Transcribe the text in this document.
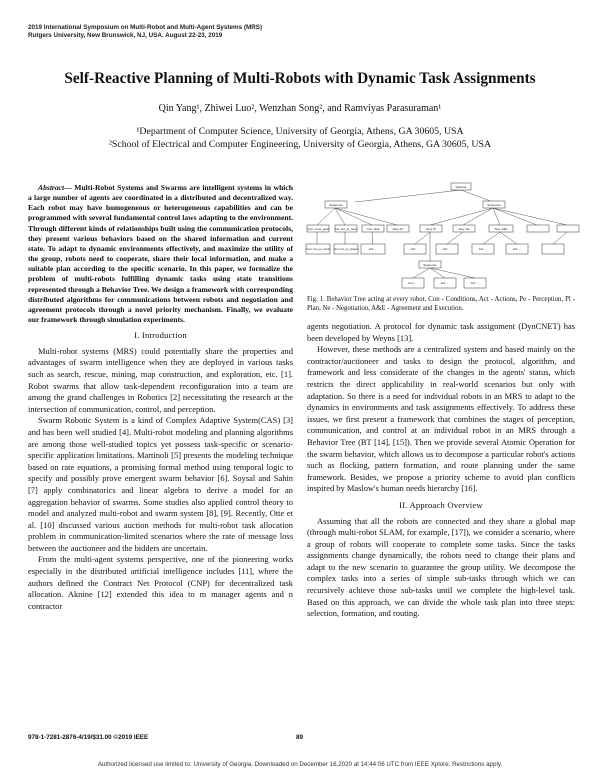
2019 International Symposium on Multi-Robot and Multi-Agent Systems (MRS)
Rutgers University, New Brunswick, NJ, USA. August 22-23, 2019
Self-Reactive Planning of Multi-Robots with Dynamic Task Assignments
Qin Yang¹, Zhiwei Luo², Wenzhan Song², and Ramviyas Parasuraman¹
¹Department of Computer Science, University of Georgia, Athens, GA 30605, USA
²School of Electrical and Computer Engineering, University of Georgia, Athens, GA 30605, USA

Abstract— Multi-Robot Systems and Swarms are intelligent systems in which a large number of agents are coordinated in a distributed and decentralized way. Each robot may have homogeneous or heterogeneous capabilities and can be programmed with several fundamental control laws adapting to the environment. Through different kinds of relationships built using the communication protocols, they present various behaviors based on the shared information and current state. To adapt to dynamic environments effectively, and maximize the utility of the group, robots need to cooperate, share their local information, and make a suitable plan according to the specific scenario. In this paper, we formalize the problem of multi-robots fulfilling dynamic tasks using state transitions represented through a Behavior Tree. We design a framework with corresponding distributed algorithms for communications between robots and negotiation and agreement protocols through a novel priority mechanism. Finally, we evaluate our framework through simulation experiments.

I. Introduction

Multi-robot systems (MRS) could potentially share the properties and advantages of swarm intelligence when they are deployed in various tasks such as search, rescue, mining, map construction, and exploration, etc. [1]. Robot swarms that allow task-dependent reconfiguration into a team are among the grand challenges in Robotics [2] necessitating the research at the intersection of communication, control, and perception.

Swarm Robotic System is a kind of Complex Adaptive System(CAS) [3] and has been well studied [4]. Multi-robot modeling and planning algorithms are among those well-studied topics yet possess task-specific or scenario-specific application limitations. Martinoli [5] presents the modeling technique based on rate equations, a promising formal method using temporal logic to specify and possibly prove emergent swarm behavior [6]. Soysal and Sahin [7] apply combinatorics and linear algebra to derive a model for an aggregation behavior of swarms. Some studies also applied control theory to model and analyzed multi-robot and swarm system [8], [9]. Recently, Otte et al. [10] discussed various auction methods for multi-robot task allocation problem in communication-limited scenarios where the rate of message loss between the auctioneer and the bidders are uncertain.

From the multi-agent systems perspective, one of the pioneering works especially in the distributed artificial intelligence includes [11], where the authors defined the Contract Net Protocol (CNP) for decentralized task allocation. Aknine [12] extended this idea to m manager agents and n contractor

Selector
Sequence	Sequence
Con: meet_goal Act: Go_to_Next	Con: task	Seq: Pe	Seq: Pl	Seq: Ne	Seq: A&E
Con: Go_to_Goal Act: Go_to_target	Act: ...	Act: ...	Act: ...	Act: ...	Act: ...
Sequence
Con: ...	Act: ...	Act: ...
Fig. 1. Behavior Tree acting at every robot. Con - Conditions, Act - Actions, Pe - Perception, Pl - Plan, Ne - Negotiation, A&E - Agreement and Execution.

agents negotiation. A protocol for dynamic task assignment (DynCNET) has been developed by Weyns [13].

However, these methods are a centralized system and based mainly on the contractor/auctioneer and tasks to design the protocol, algorithm, and framework and less considerate of the changes in the agents' status, which restricts the direct applicability in real-world scenarios but only with adaptation. So there is a need for individual robots in an MRS to adapt to the dynamics in environments and task assignments effectively. To address these issues, we first present a framework that combines the stages of perception, communication, and control at an individual robot in an MRS through a Behavior Tree (BT [14], [15]). Then we provide several Atomic Operation for the swarm behavior, which allows us to decompose a particular robot's actions such as flocking, pattern formation, and route planning under the same framework. Besides, we propose a priority scheme to avoid plan conflicts inspired by Maslow's human needs hierarchy [16].

II. Approach Overview

Assuming that all the robots are connected and they share a global map (through multi-robot SLAM, for example, [17]), we consider a scenario, where a group of robots will cooperate to complete some tasks. Since the tasks assignments change dynamically, the robots need to change their plans and adapt to the new scenario to guarantee the group utility. We decompose the complex tasks into a series of simple sub-tasks through which we can recursively achieve those sub-tasks until we complete the high-level task. Based on this approach, we can divide the whole task plan into three steps: selection, formation, and routing.

978-1-7281-2876-4/19/$31.00 ©2019 IEEE	89
Authorized licensed use limited to: University of Georgia. Downloaded on December 16,2020 at 14:44:06 UTC from IEEE Xplore. Restrictions apply.
